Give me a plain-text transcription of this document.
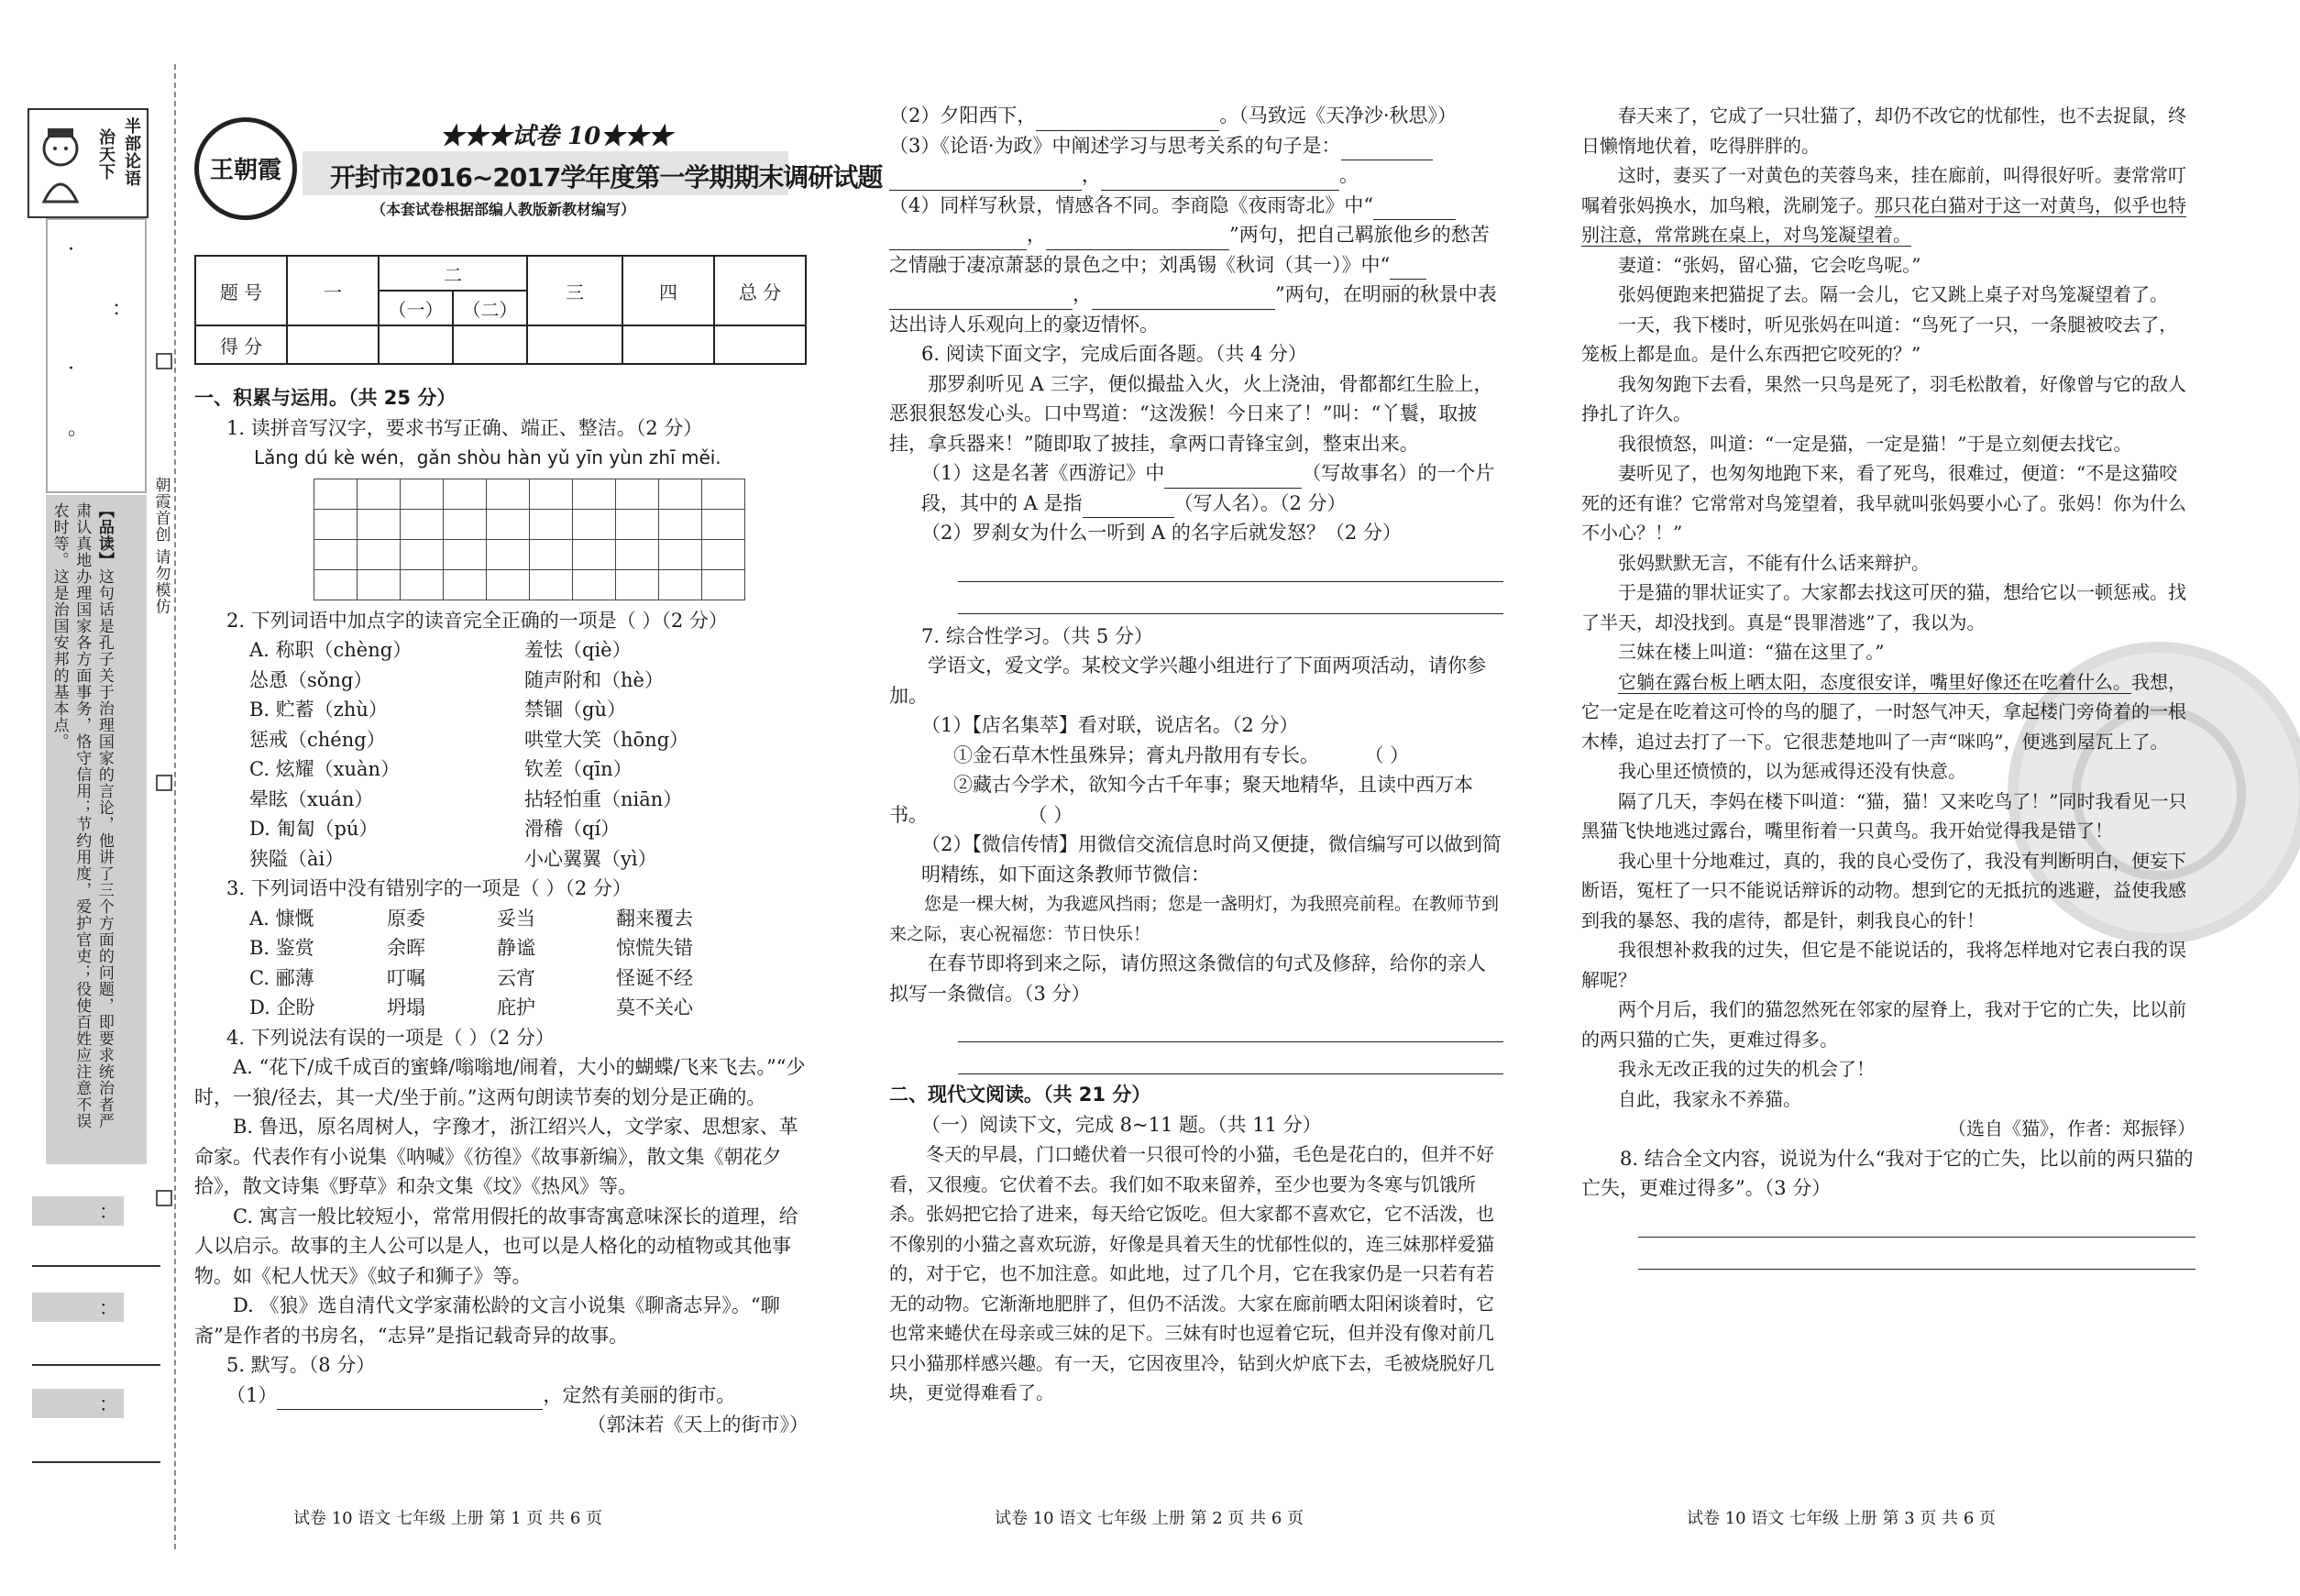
半部论语
治天下
·
：
·
。
【品读】这句话是孔子关于治理国家的言论，他讲了三个方面的问题，即要求统治者严肃认真地办理国家各方面事务，恪守信用；节约用度，爱护官吏；役使百姓应注意不误农时等。这是治国安邦的基本点。	朝霞首创 请勿模仿
：
：
：
王朝霞
★★★试卷 10★★★
开封市2016~2017学年度第一学期期末调研试题
（本套试卷根据部编人教版新教材编写）
题 号	一	二		三	四	总 分
		（一）	（二）			
得 分						

一、积累与运用。（共 25 分）

1. 读拼音写汉字，要求书写正确、端正、整洁。（2 分）

Lǎng dú kè wén，gǎn shòu hàn yǔ yīn yùn zhī měi.

2. 下列词语中加点字的读音完全正确的一项是（ ）（2 分）

A. 称职（chèng）	羞怯（qiè）
怂恿（sǒng）	随声附和（hè）
B. 贮蓄（zhù）	禁锢（gù）
惩戒（chéng）	哄堂大笑（hōng）
C. 炫耀（xuàn）	钦差（qīn）
晕眩（xuán）	拈轻怕重（niān）
D. 匍匐（pú）	滑稽（qí）
狭隘（ài）	小心翼翼（yì）

3. 下列词语中没有错别字的一项是（ ）（2 分）

A. 慷慨	原委	妥当	翻来覆去
B. 鉴赏	余晖	静谧	惊慌失错
C. 郦薄	叮嘱	云宵	怪诞不经
D. 企盼	坍塌	庇护	莫不关心

4. 下列说法有误的一项是（ ）（2 分）

A. “花下/成千成百的蜜蜂/嗡嗡地/闹着，大小的蝴蝶/飞来飞去。”“少时，一狼/径去，其一犬/坐于前。”这两句朗读节奏的划分是正确的。

B. 鲁迅，原名周树人，字豫才，浙江绍兴人，文学家、思想家、革命家。代表作有小说集《呐喊》《彷徨》《故事新编》，散文集《朝花夕拾》，散文诗集《野草》和杂文集《坟》《热风》等。

C. 寓言一般比较短小，常常用假托的故事寄寓意味深长的道理，给人以启示。故事的主人公可以是人，也可以是人格化的动植物或其他事物。如《杞人忧天》《蚊子和狮子》等。

D. 《狼》选自清代文学家蒲松龄的文言小说集《聊斋志异》。“聊斋”是作者的书房名，“志异”是指记载奇异的故事。

5. 默写。（8 分）

（1）	，定然有美丽的街市。

（郭沫若《天上的街市》）

试卷 10 语文 七年级 上册 第 1 页 共 6 页

（2）夕阳西下，	。（马致远《天净沙·秋思》）

（3）《论语·为政》中阐述学习与思考关系的句子是：

，	。

（4）同样写秋景，情感各不同。李商隐《夜雨寄北》中“

，	”两句，把自己羁旅他乡的愁苦之情融于凄凉萧瑟的景色之中；刘禹锡《秋词（其一）》中“

，	”两句，在明丽的秋景中表达出诗人乐观向上的豪迈情怀。

6. 阅读下面文字，完成后面各题。（共 4 分）

那罗刹听见 A 三字，便似撮盐入火，火上浇油，骨都都红生脸上，恶狠狠怒发心头。口中骂道：“这泼猴！今日来了！”叫：“丫鬟，取披挂，拿兵器来！”随即取了披挂，拿两口青锋宝剑，整束出来。

（1）这是名著《西游记》中	（写故事名）的一个片段，其中的 A 是指	（写人名）。（2 分）

（2）罗刹女为什么一听到 A 的名字后就发怒？（2 分）

7. 综合性学习。（共 5 分）

学语文，爱文学。某校文学兴趣小组进行了下面两项活动，请你参加。

（1）【店名集萃】看对联，说店名。（2 分）

①金石草木性虽殊异；膏丸丹散用有专长。	（ ）

②藏古今学术，欲知今古千年事；聚天地精华，且读中西万本书。	（ ）

（2）【微信传情】用微信交流信息时尚又便捷，微信编写可以做到简明精练，如下面这条教师节微信：

您是一棵大树，为我遮风挡雨；您是一盏明灯，为我照亮前程。在教师节到来之际，衷心祝福您：节日快乐！

在春节即将到来之际，请仿照这条微信的句式及修辞，给你的亲人拟写一条微信。（3 分）

二、现代文阅读。（共 21 分）

（一）阅读下文，完成 8~11 题。（共 11 分）

冬天的早晨，门口蜷伏着一只很可怜的小猫，毛色是花白的，但并不好看，又很瘦。它伏着不去。我们如不取来留养，至少也要为冬寒与饥饿所杀。张妈把它拾了进来，每天给它饭吃。但大家都不喜欢它，它不活泼，也不像别的小猫之喜欢玩游，好像是具着天生的忧郁性似的，连三妹那样爱猫的，对于它，也不加注意。如此地，过了几个月，它在我家仍是一只若有若无的动物。它渐渐地肥胖了，但仍不活泼。大家在廊前晒太阳闲谈着时，它也常来蜷伏在母亲或三妹的足下。三妹有时也逗着它玩，但并没有像对前几只小猫那样感兴趣。有一天，它因夜里冷，钻到火炉底下去，毛被烧脱好几块，更觉得难看了。

试卷 10 语文 七年级 上册 第 2 页 共 6 页

春天来了，它成了一只壮猫了，却仍不改它的忧郁性，也不去捉鼠，终日懒惰地伏着，吃得胖胖的。

这时，妻买了一对黄色的芙蓉鸟来，挂在廊前，叫得很好听。妻常常叮嘱着张妈换水，加鸟粮，洗刷笼子。那只花白猫对于这一对黄鸟，似乎也特别注意，常常跳在桌上，对鸟笼凝望着。

妻道：“张妈，留心猫，它会吃鸟呢。”

张妈便跑来把猫捉了去。隔一会儿，它又跳上桌子对鸟笼凝望着了。

一天，我下楼时，听见张妈在叫道：“鸟死了一只，一条腿被咬去了，笼板上都是血。是什么东西把它咬死的？”

我匆匆跑下去看，果然一只鸟是死了，羽毛松散着，好像曾与它的敌人挣扎了许久。

我很愤怒，叫道：“一定是猫，一定是猫！”于是立刻便去找它。

妻听见了，也匆匆地跑下来，看了死鸟，很难过，便道：“不是这猫咬死的还有谁？它常常对鸟笼望着，我早就叫张妈要小心了。张妈！你为什么不小心？！”

张妈默默无言，不能有什么话来辩护。

于是猫的罪状证实了。大家都去找这可厌的猫，想给它以一顿惩戒。找了半天，却没找到。真是“畏罪潜逃”了，我以为。

三妹在楼上叫道：“猫在这里了。”

它躺在露台板上晒太阳，态度很安详，嘴里好像还在吃着什么。我想，它一定是在吃着这可怜的鸟的腿了，一时怒气冲天，拿起楼门旁倚着的一根木棒，追过去打了一下。它很悲楚地叫了一声“咪呜”，便逃到屋瓦上了。

我心里还愤愤的，以为惩戒得还没有快意。

隔了几天，李妈在楼下叫道：“猫，猫！又来吃鸟了！”同时我看见一只黑猫飞快地逃过露台，嘴里衔着一只黄鸟。我开始觉得我是错了！

我心里十分地难过，真的，我的良心受伤了，我没有判断明白，便妄下断语，冤枉了一只不能说话辩诉的动物。想到它的无抵抗的逃避，益使我感到我的暴怒、我的虐待，都是针，刺我良心的针！

我很想补救我的过失，但它是不能说话的，我将怎样地对它表白我的误解呢？

两个月后，我们的猫忽然死在邻家的屋脊上，我对于它的亡失，比以前的两只猫的亡失，更难过得多。

我永无改正我的过失的机会了！

自此，我家永不养猫。

（选自《猫》，作者：郑振铎）

8. 结合全文内容，说说为什么“我对于它的亡失，比以前的两只猫的亡失，更难过得多”。（3 分）

试卷 10 语文 七年级 上册 第 3 页 共 6 页
